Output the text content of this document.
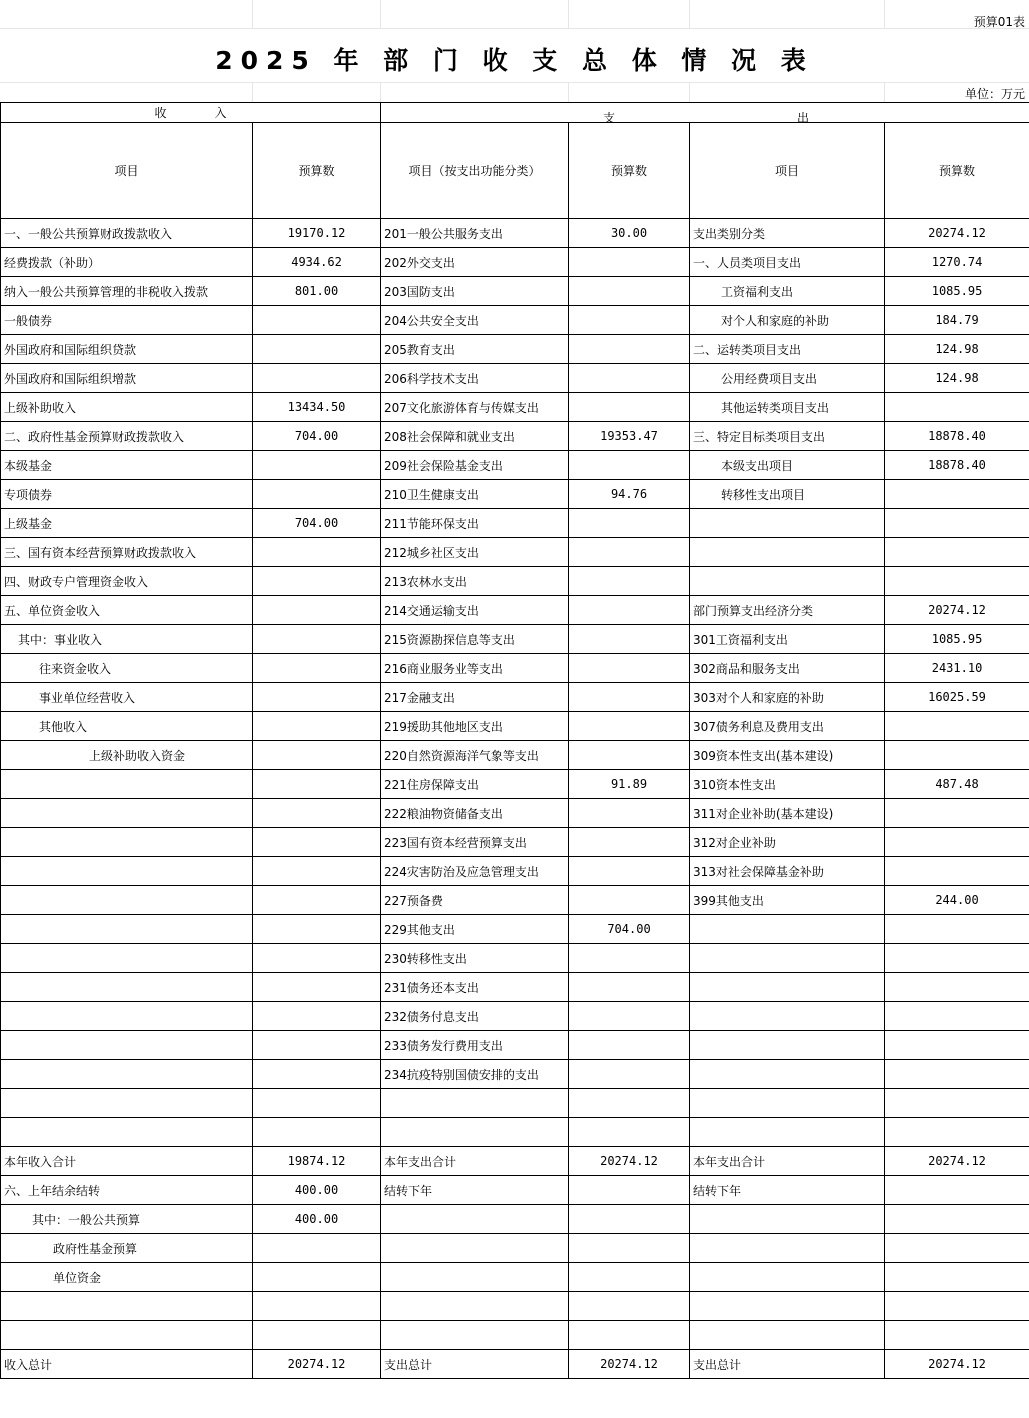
预算01表
2025 年 部 门 收 支 总 体 情 况 表
单位：万元
收　　　　入		支 出			

项目	预算数	项目（按支出功能分类）	预算数	项目	预算数
一、一般公共预算财政拨款收入	19170.12	201一般公共服务支出	30.00	支出类别分类	20274.12
经费拨款（补助）	4934.62	202外交支出		一、人员类项目支出	1270.74
纳入一般公共预算管理的非税收入拨款	801.00	203国防支出		工资福利支出	1085.95
一般债券		204公共安全支出		对个人和家庭的补助	184.79
外国政府和国际组织贷款		205教育支出		二、运转类项目支出	124.98
外国政府和国际组织增款		206科学技术支出		公用经费项目支出	124.98
上级补助收入	13434.50	207文化旅游体育与传媒支出		其他运转类项目支出	
二、政府性基金预算财政拨款收入	704.00	208社会保障和就业支出	19353.47	三、特定目标类项目支出	18878.40
本级基金		209社会保险基金支出		本级支出项目	18878.40
专项债券		210卫生健康支出	94.76	转移性支出项目	
上级基金	704.00	211节能环保支出			
三、国有资本经营预算财政拨款收入		212城乡社区支出			
四、财政专户管理资金收入		213农林水支出			
五、单位资金收入		214交通运输支出		部门预算支出经济分类	20274.12
其中：事业收入		215资源勘探信息等支出		301工资福利支出	1085.95
往来资金收入		216商业服务业等支出		302商品和服务支出	2431.10
事业单位经营收入		217金融支出		303对个人和家庭的补助	16025.59
其他收入		219援助其他地区支出		307债务利息及费用支出	
上级补助收入资金		220自然资源海洋气象等支出		309资本性支出(基本建设)	
		221住房保障支出	91.89	310资本性支出	487.48
		222粮油物资储备支出		311对企业补助(基本建设)	
		223国有资本经营预算支出		312对企业补助	
		224灾害防治及应急管理支出		313对社会保障基金补助	
		227预备费		399其他支出	244.00
		229其他支出	704.00		
		230转移性支出			
		231债务还本支出			
		232债务付息支出			
		233债务发行费用支出			
		234抗疫特别国债安排的支出			

本年收入合计	19874.12	本年支出合计	20274.12	本年支出合计	20274.12
六、上年结余结转	400.00	结转下年		结转下年	
其中：一般公共预算	400.00				
政府性基金预算					
单位资金					

收入总计	20274.12	支出总计	20274.12	支出总计	20274.12
